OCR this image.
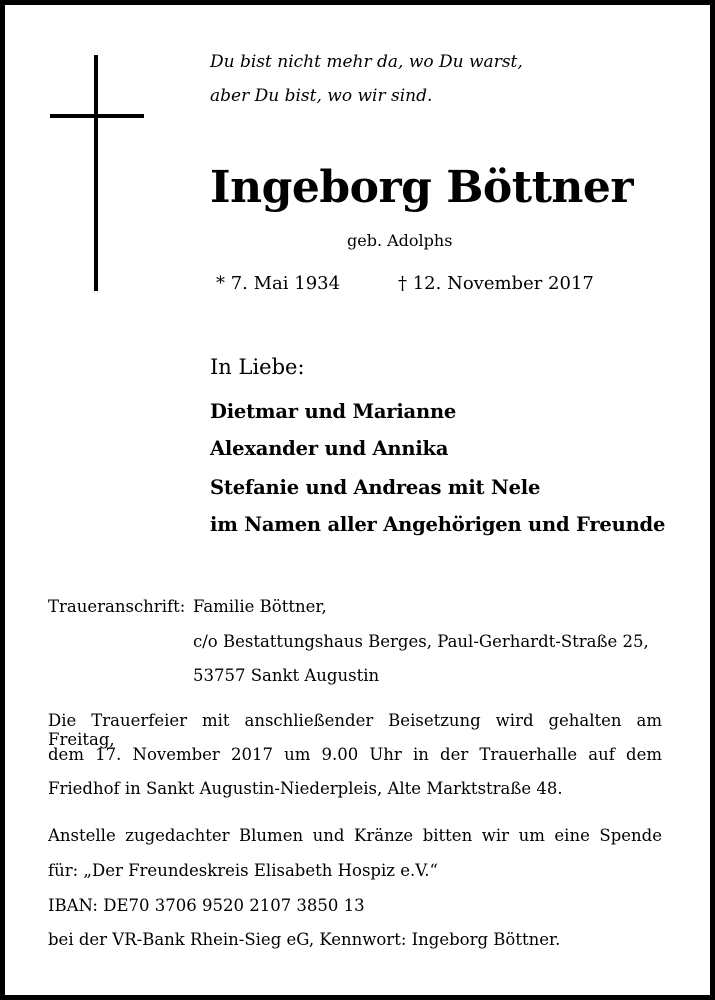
Du bist nicht mehr da, wo Du warst,
aber Du bist, wo wir sind.
Ingeborg Böttner
geb. Adolphs
* 7. Mai 1934	† 12. November 2017
In Liebe:
Dietmar und Marianne
Alexander und Annika
Stefanie und Andreas mit Nele
im Namen aller Angehörigen und Freunde
Traueranschrift: Familie Böttner,
c/o Bestattungshaus Berges, Paul-Gerhardt-Straße 25,
53757 Sankt Augustin
Die Trauerfeier mit anschließender Beisetzung wird gehalten am Freitag,
dem 17. November 2017 um 9.00 Uhr in der Trauerhalle auf dem
Friedhof in Sankt Augustin-Niederpleis, Alte Marktstraße 48.
Anstelle zugedachter Blumen und Kränze bitten wir um eine Spende
für: „Der Freundeskreis Elisabeth Hospiz e.V.“
IBAN: DE70 3706 9520 2107 3850 13
bei der VR-Bank Rhein-Sieg eG, Kennwort: Ingeborg Böttner.
